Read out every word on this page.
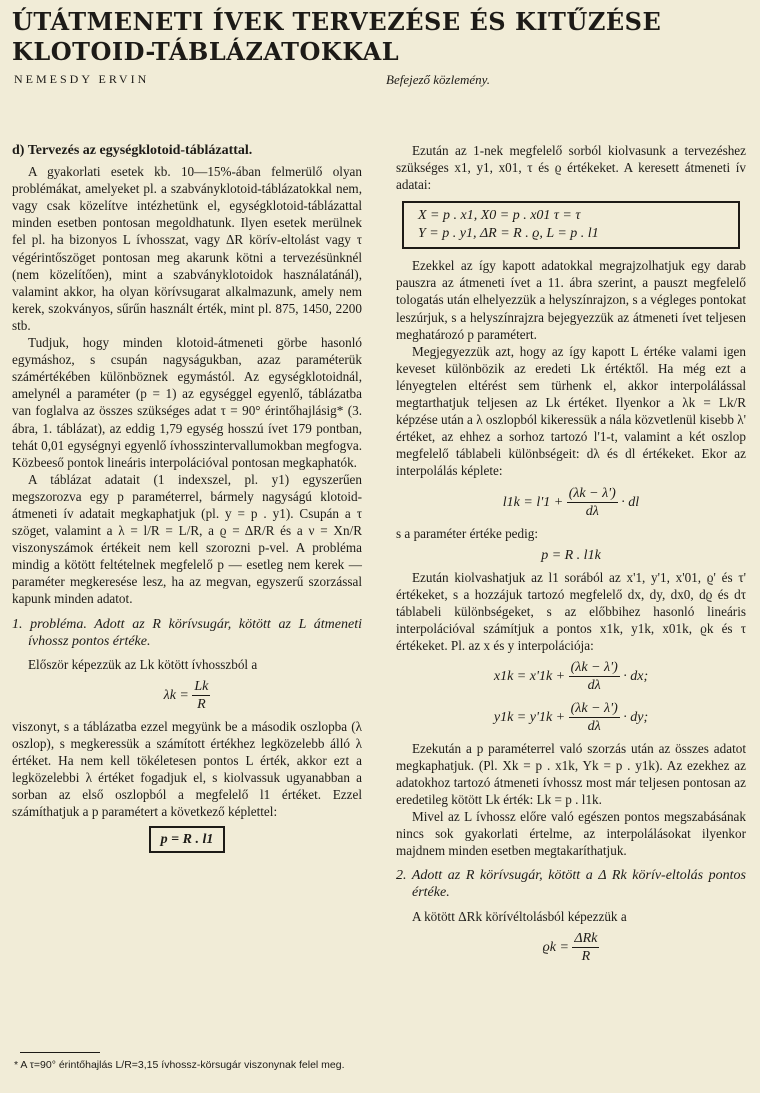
ÚTÁTMENETI ÍVEK TERVEZÉSE ÉS KITŰZÉSE
KLOTOID-TÁBLÁZATOKKAL
NEMESDY ERVIN	Befejező közlemény.

d) Tervezés az egységklotoid-táblázattal.

A gyakorlati esetek kb. 10—15%-ában felmerülő olyan problémákat, amelyeket pl. a szabványklotoid-táblázatokkal nem, vagy csak közelítve intézhetünk el, egységklotoid-táblázattal minden esetben pontosan megoldhatunk. Ilyen esetek merülnek fel pl. ha bizonyos L ívhosszat, vagy ΔR körív-eltolást vagy τ végérintőszöget pontosan meg akarunk kötni a tervezésünknél (nem közelítően), mint a szabványklotoidok használatánál), valamint akkor, ha olyan körívsugarat alkalmazunk, amely nem kerek, szokványos, sűrűn használt érték, mint pl. 875, 1450, 2200 stb.

Tudjuk, hogy minden klotoid-átmeneti görbe hasonló egymáshoz, s csupán nagyságukban, azaz paraméterük számértékében különböznek egymástól. Az egységklotoidnál, amelynél a paraméter (p = 1) az egységgel egyenlő, táblázatba van foglalva az összes szükséges adat τ = 90° érintőhajlásig* (3. ábra, 1. táblázat), az eddig 1,79 egység hosszú ívet 179 pontban, tehát 0,01 egységnyi egyenlő ívhosszintervallumokban megfogva. Közbeeső pontok lineáris interpolációval pontosan megkaphatók.

A táblázat adatait (1 indexszel, pl. y1) egyszerűen megszorozva egy p paraméterrel, bármely nagyságú klotoid-átmeneti ív adatait megkaphatjuk (pl. y = p . y1). Csupán a τ szöget, valamint a λ = l/R = L/R, a ϱ = ΔR/R és a ν = Xn/R viszonyszámok értékeit nem kell szorozni p-vel. A probléma mindig a kötött feltételnek megfelelő p — esetleg nem kerek — paraméter megkeresése lesz, ha az megvan, egyszerű szorzással kapunk minden adatot.

1. probléma. Adott az R körívsugár, kötött az L átmeneti ívhossz pontos értéke.

Először képezzük az Lk kötött ívhosszból a

$\lambda k = \frac{Lk}{R}$

viszonyt, s a táblázatba ezzel megyünk be a második oszlopba (λ oszlop), s megkeressük a számított értékhez legközelebb álló λ értéket. Ha nem kell tökéletesen pontos L érték, akkor ezt a legközelebbi λ értéket fogadjuk el, s kiolvassuk ugyanabban a sorban az első oszlopból a megfelelő l1 értéket. Ezzel számíthatjuk a p paramétert a következő képlettel:

p = R . l1
* A τ=90° érintőhajlás L/R=3,15 ívhossz-körsugár viszonynak felel meg.

Ezután az 1-nek megfelelő sorból kiolvasunk a tervezéshez szükséges x1, y1, x01, τ és ϱ értékeket. A keresett átmeneti ív adatai:

X = p . x1, X0 = p . x01 τ = τ
Y = p . y1, ΔR = R . ϱ, L = p . l1

Ezekkel az így kapott adatokkal megrajzolhatjuk egy darab pauszra az átmeneti ívet a 11. ábra szerint, a pauszt megfelelő tologatás után elhelyezzük a helyszínrajzon, s a végleges pontokat leszúrjuk, s a helyszínrajzra bejegyezzük az átmeneti ívet teljesen meghatározó p paramétert.

Megjegyezzük azt, hogy az így kapott L értéke valami igen keveset különbözik az eredeti Lk értéktől. Ha még ezt a lényegtelen eltérést sem türhenk el, akkor interpolálással megtarthatjuk teljesen az Lk értéket. Ilyenkor a λk = Lk/R képzése után a λ oszlopból kikeressük a nála közvetlenül kisebb λ' értéket, az ehhez a sorhoz tartozó l'1-t, valamint a két oszlop megfelelő táblabeli különbségeit: dλ és dl értékeket. Ekor az interpolálás képlete:

$l1k = l'1 + \frac{(\lambda k - \lambda')}{d\lambda}$ · dl

s a paraméter értéke pedig:

p = R . l1k

Ezután kiolvashatjuk az l1 sorából az x'1, y'1, x'01, ϱ' és τ' értékeket, s a hozzájuk tartozó megfelelő dx, dy, dx0, dϱ és dτ táblabeli különbségeket, s az előbbihez hasonló lineáris interpolációval számítjuk a pontos x1k, y1k, x01k, ϱk és τ értékeket. Pl. az x és y interpolációja:

$x1k = x'1k + \frac{(\lambda k - \lambda')}{d\lambda}$ · dx;
$y1k = y'1k + \frac{(\lambda k - \lambda')}{d\lambda}$ · dy;

Ezekután a p paraméterrel való szorzás után az összes adatot megkaphatjuk. (Pl. Xk = p . x1k, Yk = p . y1k). Az ezekhez az adatokhoz tartozó átmeneti ívhossz most már teljesen pontosan az eredetileg kötött Lk érték: Lk = p . l1k.

Mivel az L ívhossz előre való egészen pontos megszabásának nincs sok gyakorlati értelme, az interpolálásokat ilyenkor majdnem minden esetben megtakaríthatjuk.

2. Adott az R körívsugár, kötött a Δ Rk körív-eltolás pontos értéke.

A kötött ΔRk körívéltolásból képezzük a

$ϱk = \frac{\text{ΔRk}}{R}$
